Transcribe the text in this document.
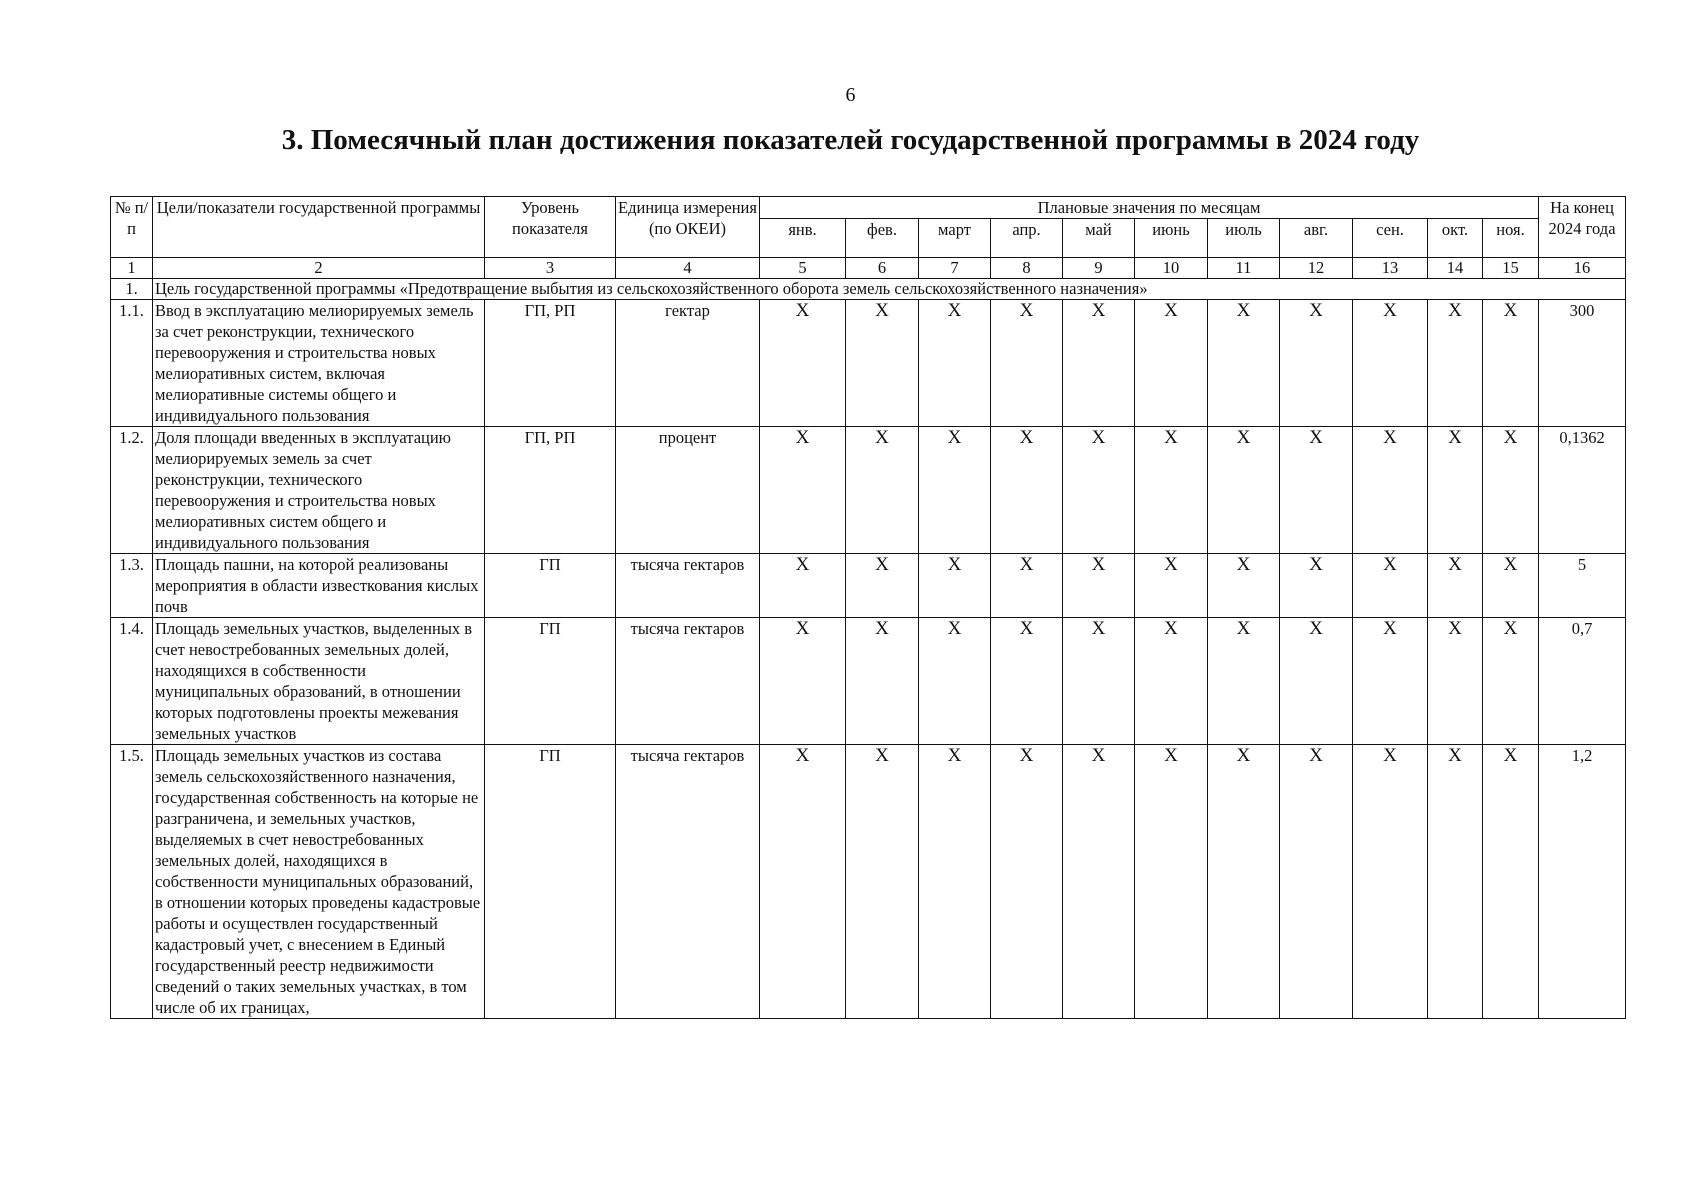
6
3. Помесячный план достижения показателей государственной программы в 2024 году
№ п/п	Цели/показатели государственной программы	Уровень показателя	Единица измерения (по ОКЕИ)	Плановые значения по месяцам											На конец 2024 года
				янв.	фев.	март	апр.	май	июнь	июль	авг.	сен.	окт.	ноя.	
1	2	3	4	5	6	7	8	9	10	11	12	13	14	15	16
1.	Цель государственной программы «Предотвращение выбытия из сельскохозяйственного оборота земель сельскохозяйственного назначения»														
1.1.	Ввод в эксплуатацию мелиорируемых земель за счет реконструкции, технического перевооружения и строительства новых мелиоративных систем, включая мелиоративные системы общего и индивидуального пользования	ГП, РП	гектар	X	X	X	X	X	X	X	X	X	X	X	300
1.2.	Доля площади введенных в эксплуатацию мелиорируемых земель за счет реконструкции, технического перевооружения и строительства новых мелиоративных систем общего и индивидуального пользования	ГП, РП	процент	X	X	X	X	X	X	X	X	X	X	X	0,1362
1.3.	Площадь пашни, на которой реализованы мероприятия в области известкования кислых почв	ГП	тысяча гектаров	X	X	X	X	X	X	X	X	X	X	X	5
1.4.	Площадь земельных участков, выделенных в счет невостребованных земельных долей, находящихся в собственности муниципальных образований, в отношении которых подготовлены проекты межевания земельных участков	ГП	тысяча гектаров	X	X	X	X	X	X	X	X	X	X	X	0,7
1.5.	Площадь земельных участков из состава земель сельскохозяйственного назначения, государственная собственность на которые не разграничена, и земельных участков, выделяемых в счет невостребованных земельных долей, находящихся в собственности муниципальных образований, в отношении которых проведены кадастровые работы и осуществлен государственный кадастровый учет, с внесением в Единый государственный реестр недвижимости сведений о таких земельных участках, в том числе об их границах,	ГП	тысяча гектаров	X	X	X	X	X	X	X	X	X	X	X	1,2
